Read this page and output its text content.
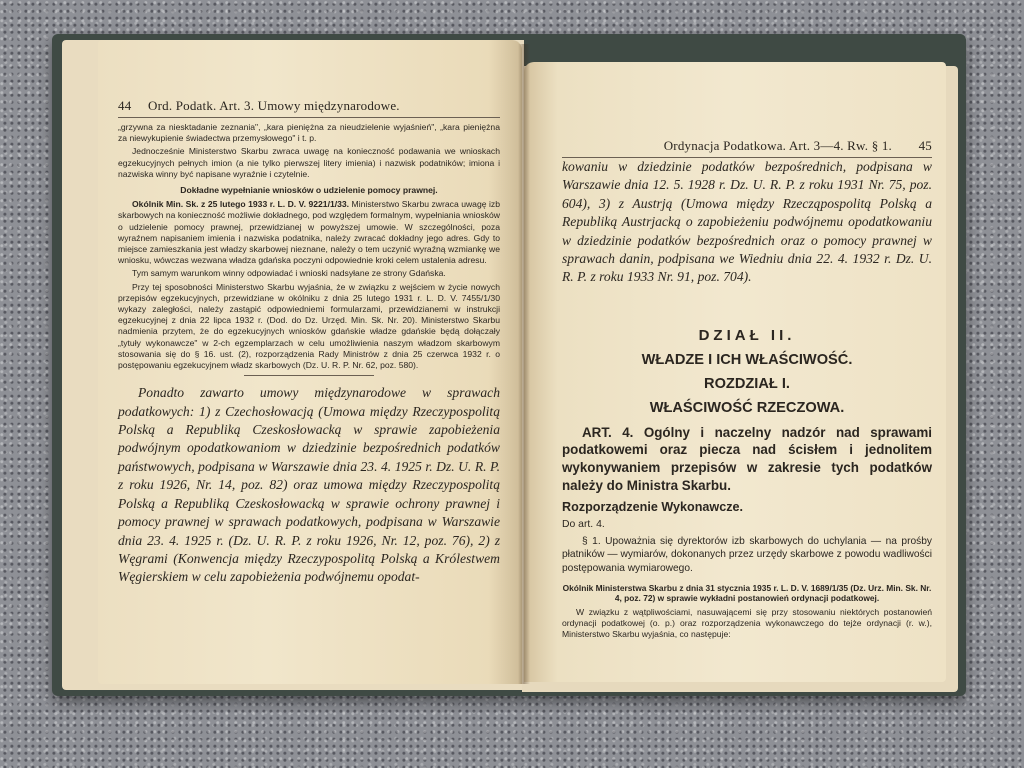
44	Ord. Podatk. Art. 3. Umowy międzynarodowe.

„grzywna za niesktadanie zeznania", „kara pieniężna za nieudzielenie wyjaśnień", „kara pieniężna za niewykupienie świadectwa przemysłowego" i t. p.

Jednocześnie Ministerstwo Skarbu zwraca uwagę na konieczność podawania we wnioskach egzekucyjnych pełnych imion (a nie tylko pierwszej litery imienia) i nazwisk podatników; imiona i nazwiska winny być napisane wyraźnie i czytelnie.

Dokładne wypełnianie wniosków o udzielenie pomocy prawnej.

Okólnik Min. Sk. z 25 lutego 1933 r. L. D. V. 9221/1/33. Ministerstwo Skarbu zwraca uwagę izb skarbowych na konieczność możliwie dokładnego, pod względem formalnym, wypełniania wniosków o udzielenie pomocy prawnej, przewidzianej w powyższej umowie. W szczególności, poza wyraźnem napisaniem imienia i nazwiska podatnika, należy zwracać dokładny jego adres. Gdy to miejsce zamieszkania jest władzy skarbowej nieznane, należy o tem uczynić wyraźną wzmiankę we wniosku, wówczas wezwana władza gdańska poczyni odpowiednie kroki celem ustalenia adresu.

Tym samym warunkom winny odpowiadać i wnioski nadsyłane ze strony Gdańska.

Przy tej sposobności Ministerstwo Skarbu wyjaśnia, że w związku z wejściem w życie nowych przepisów egzekucyjnych, przewidziane w okólniku z dnia 25 lutego 1931 r. L. D. V. 7455/1/30 wykazy zaległości, należy zastąpić odpowiedniemi formularzami, przewidzianemi w instrukcji egzekucyjnej z dnia 22 lipca 1932 r. (Dod. do Dz. Urzęd. Min. Sk. Nr. 20). Ministerstwo Skarbu nadmienia przytem, że do egzekucyjnych wniosków gdańskie władze gdańskie będą dołączały „tytuły wykonawcze" w 2-ch egzemplarzach w celu umożliwienia naszym władzom skarbowym stosowania się do § 16. ust. (2), rozporządzenia Rady Ministrów z dnia 25 czerwca 1932 r. o postępowaniu egzekucyjnem władz skarbowych (Dz. U. R. P. Nr. 62, poz. 580).

Ponadto zawarto umowy międzynarodowe w sprawach podatkowych: 1) z Czechosłowacją (Umowa między Rzeczypospolitą Polską a Republiką Czeskosłowacką w sprawie zapobieżenia podwójnym opodatkowaniom w dziedzinie bezpośrednich podatków państwowych, podpisana w Warszawie dnia 23. 4. 1925 r. Dz. U. R. P. z roku 1926, Nr. 14, poz. 82) oraz umowa między Rzeczypospolitą Polską a Republiką Czeskosłowacką w sprawie ochrony prawnej i pomocy prawnej w sprawach podatkowych, podpisana w Warszawie dnia 23. 4. 1925 r. (Dz. U. R. P. z roku 1926, Nr. 12, poz. 76), 2) z Węgrami (Konwencja między Rzeczypospolitą Polską a Królestwem Węgierskiem w celu zapobieżenia podwójnemu opodat-

Ordynacja Podatkowa. Art. 3—4. Rw. § 1.	45

kowaniu w dziedzinie podatków bezpośrednich, podpisana w Warszawie dnia 12. 5. 1928 r. Dz. U. R. P. z roku 1931 Nr. 75, poz. 604), 3) z Austrją (Umowa między Rzecząpospolitą Polską a Republiką Austrjacką o zapobieżeniu podwójnemu opodatkowaniu w dziedzinie podatków bezpośrednich oraz o pomocy prawnej w sprawach danin, podpisana we Wiedniu dnia 22. 4. 1932 r. Dz. U. R. P. z roku 1933 Nr. 91, poz. 704).

DZIAŁ II.
WŁADZE I ICH WŁAŚCIWOŚĆ.
ROZDZIAŁ I.
WŁAŚCIWOŚĆ RZECZOWA.
ART. 4. Ogólny i naczelny nadzór nad sprawami podatkowemi oraz piecza nad ścisłem i jednolitem wykonywaniem przepisów w zakresie tych podatków należy do Ministra Skarbu.
Rozporządzenie Wykonawcze.
Do art. 4.
§ 1. Upoważnia się dyrektorów izb skarbowych do uchylania — na prośby płatników — wymiarów, dokonanych przez urzędy skarbowe z powodu wadliwości postępowania wymiarowego.

Okólnik Ministerstwa Skarbu z dnia 31 stycznia 1935 r. L. D. V. 1689/1/35 (Dz. Urz. Min. Sk. Nr. 4, poz. 72) w sprawie wykładni postanowień ordynacji podatkowej.

W związku z wątpliwościami, nasuwającemi się przy stosowaniu niektórych postanowień ordynacji podatkowej (o. p.) oraz rozporządzenia wykonawczego do tejże ordynacji (r. w.), Ministerstwo Skarbu wyjaśnia, co następuje:
